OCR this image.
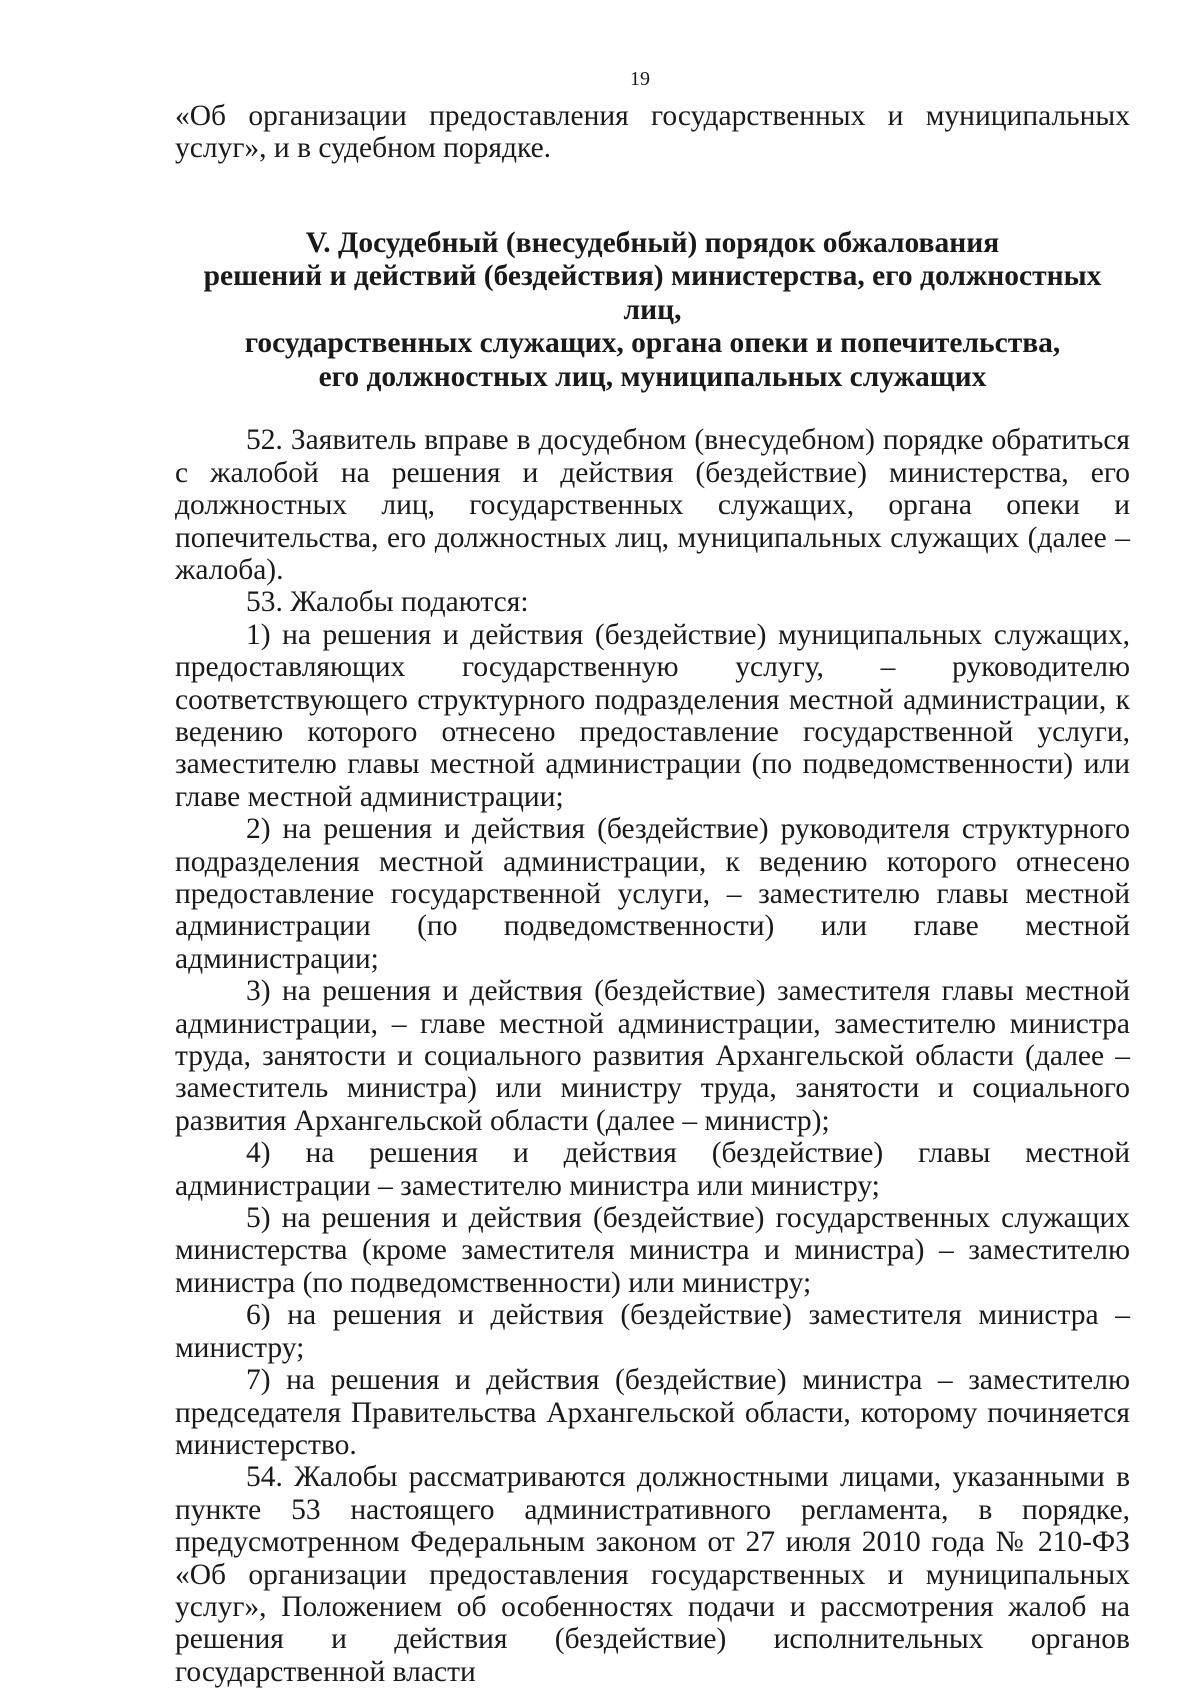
19

«Об организации предоставления государственных и муниципальных услуг», и в судебном порядке.

V. Досудебный (внесудебный) порядок обжалования
решений и действий (бездействия) министерства, его должностных лиц,
государственных служащих, органа опеки и попечительства,
его должностных лиц, муниципальных служащих

52. Заявитель вправе в досудебном (внесудебном) порядке обратиться с жалобой на решения и действия (бездействие) министерства, его должностных лиц, государственных служащих, органа опеки и попечительства, его должностных лиц, муниципальных служащих (далее – жалоба).

53. Жалобы подаются:

1) на решения и действия (бездействие) муниципальных служащих, предоставляющих государственную услугу, – руководителю соответствующего структурного подразделения местной администрации, к ведению которого отнесено предоставление государственной услуги, заместителю главы местной администрации (по подведомственности) или главе местной администрации;

2) на решения и действия (бездействие) руководителя структурного подразделения местной администрации, к ведению которого отнесено предоставление государственной услуги, – заместителю главы местной администрации (по подведомственности) или главе местной администрации;

3) на решения и действия (бездействие) заместителя главы местной администрации, – главе местной администрации, заместителю министра труда, занятости и социального развития Архангельской области (далее – заместитель министра) или министру труда, занятости и социального развития Архангельской области (далее – министр);

4) на решения и действия (бездействие) главы местной администрации – заместителю министра или министру;

5) на решения и действия (бездействие) государственных служащих министерства (кроме заместителя министра и министра) – заместителю министра (по подведомственности) или министру;

6) на решения и действия (бездействие) заместителя министра – министру;

7) на решения и действия (бездействие) министра – заместителю председателя Правительства Архангельской области, которому починяется министерство.

54. Жалобы рассматриваются должностными лицами, указанными в пункте 53 настоящего административного регламента, в порядке, предусмотренном Федеральным законом от 27 июля 2010 года № 210-ФЗ «Об организации предоставления государственных и муниципальных услуг», Положением об особенностях подачи и рассмотрения жалоб на решения и действия (бездействие) исполнительных органов государственной власти
